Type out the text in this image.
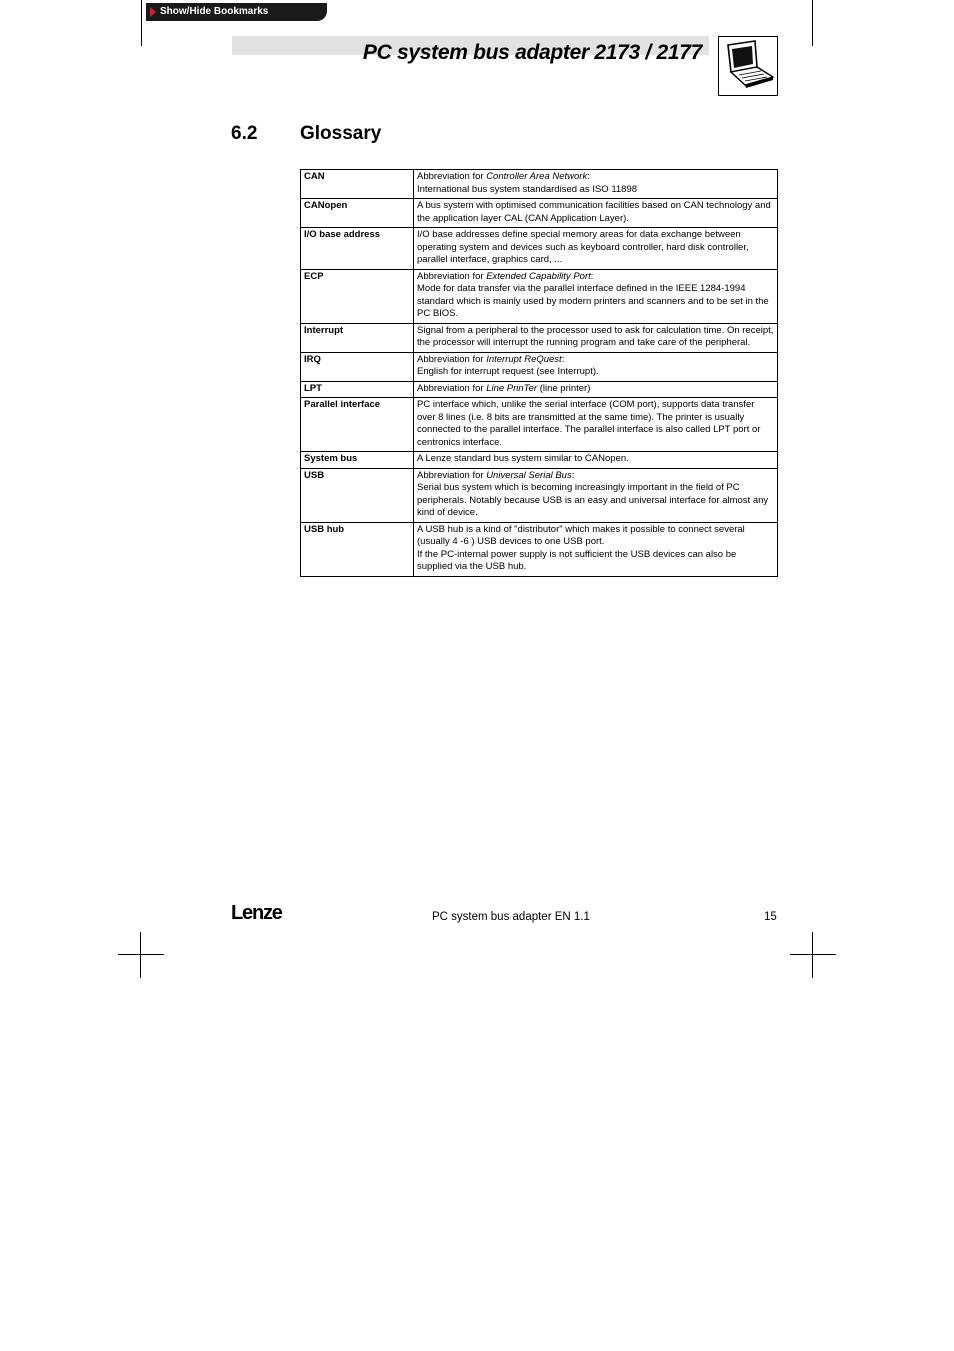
Show/Hide Bookmarks
PC system bus adapter 2173 / 2177
6.2 Glossary
CAN	Abbreviation for Controller Area Network:

International bus system standardised as ISO 11898

CANopen	A bus system with optimised communication facilities based on CAN technology and the application layer CAL (CAN Application Layer).

I/O base address	I/O base addresses define special memory areas for data exchange between operating system and devices such as keyboard controller, hard disk controller, parallel interface, graphics card, ...

ECP	Abbreviation for Extended Capability Port:

Mode for data transfer via the parallel interface defined in the IEEE 1284-1994 standard which is mainly used by modern printers and scanners and to be set in the PC BIOS.

Interrupt	Signal from a peripheral to the processor used to ask for calculation time. On receipt, the processor will interrupt the running program and take care of the peripheral.

IRQ	Abbreviation for Interrupt ReQuest:

English for interrupt request (see Interrupt).

LPT	Abbreviation for Line PrinTer (line printer)

Parallel interface	PC interface which, unlike the serial interface (COM port), supports data transfer over 8 lines (i.e. 8 bits are transmitted at the same time). The printer is usually connected to the parallel interface. The parallel interface is also called LPT port or centronics interface.

System bus	A Lenze standard bus system similar to CANopen.

USB	Abbreviation for Universal Serial Bus:

Serial bus system which is becoming increasingly important in the field of PC peripherals. Notably because USB is an easy and universal interface for almost any kind of device.

USB hub	A USB hub is a kind of "distributor" which makes it possible to connect several (usually 4 -6 ) USB devices to one USB port.

If the PC-internal power supply is not sufficient the USB devices can also be supplied via the USB hub.

Lenze	PC system bus adapter EN 1.1	15
